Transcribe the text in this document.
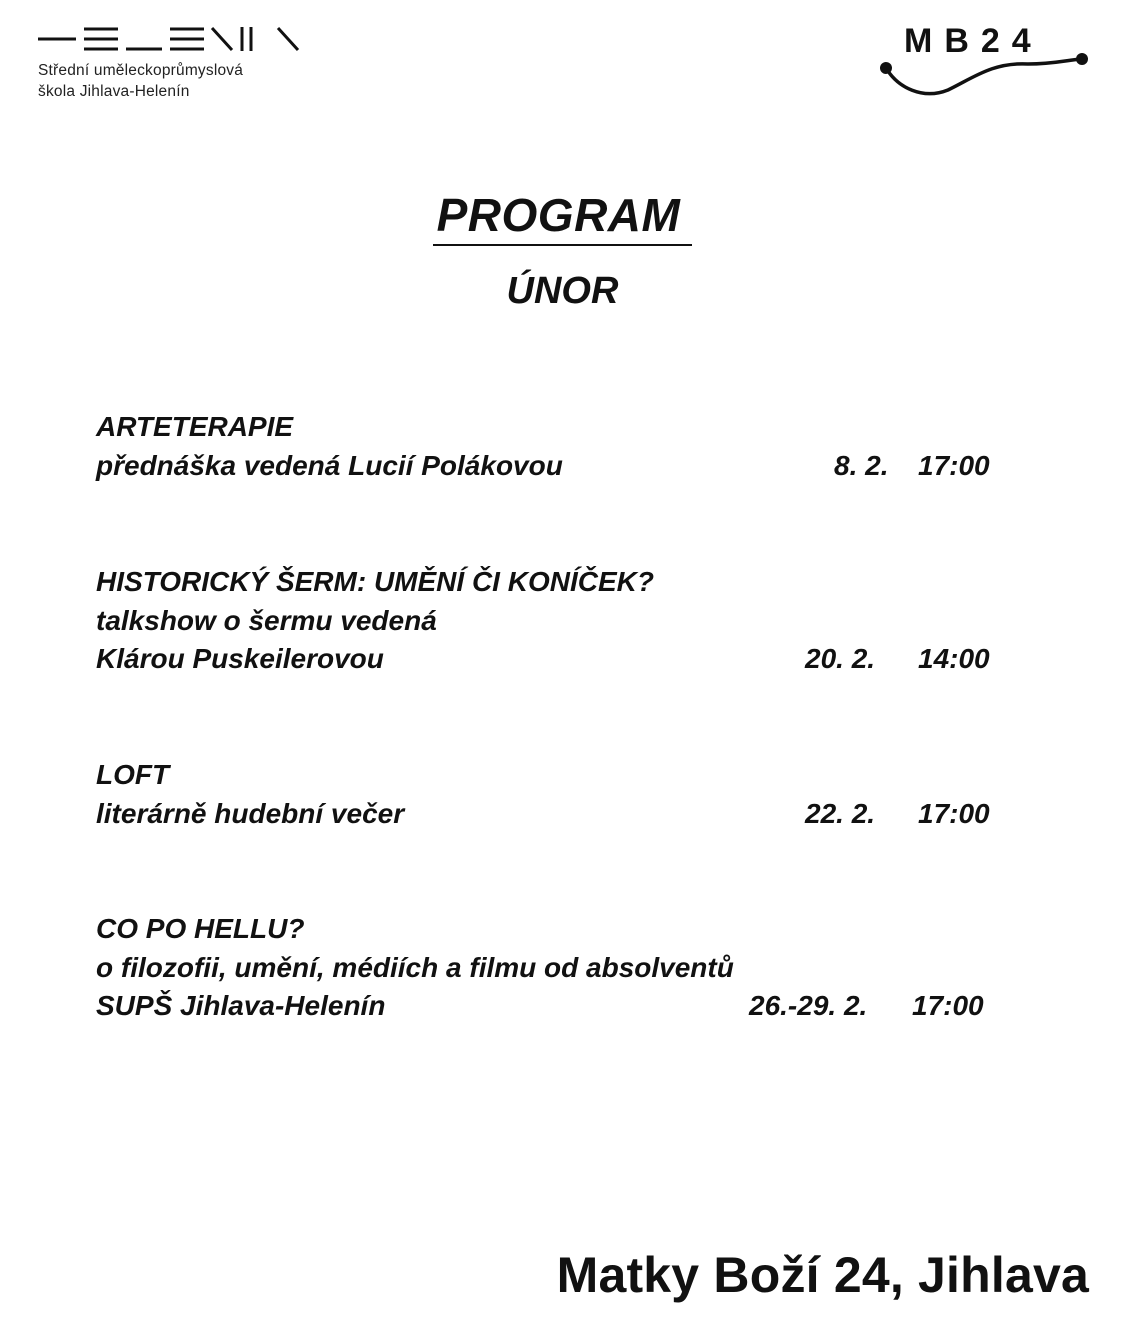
Střední uměleckoprůmyslová
škola Jihlava-Helenín
MB24
PROGRAM
ÚNOR
ARTETERAPIE
přednáška vedená Lucií Polákovou	8. 2. 17:00
HISTORICKÝ ŠERM: UMĚNÍ ČI KONÍČEK?
talkshow o šermu vedená
Klárou Puskeilerovou	20. 2. 14:00
LOFT
literárně hudební večer	22. 2. 17:00
CO PO HELLU?
o filozofii, umění, médiích a filmu od absolventů
SUPŠ Jihlava-Helenín	26.-29. 2. 17:00
Matky Boží 24, Jihlava
